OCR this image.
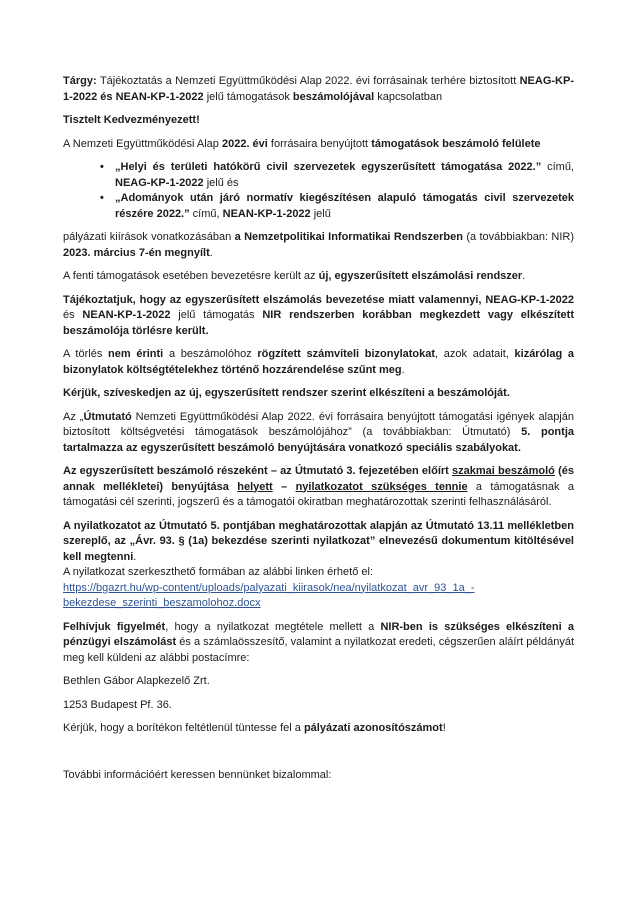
Tárgy: Tájékoztatás a Nemzeti Együttműködési Alap 2022. évi forrásainak terhére biztosított NEAG-KP-1-2022 és NEAN-KP-1-2022 jelű támogatások beszámolójával kapcsolatban
Tisztelt Kedvezményezett!
A Nemzeti Együttműködési Alap 2022. évi forrásaira benyújtott támogatások beszámoló felülete
• „Helyi és területi hatókörű civil szervezetek egyszerűsített támogatása 2022.” című, NEAG-KP-1-2022 jelű és
• „Adományok után járó normatív kiegészítésen alapuló támogatás civil szervezetek részére 2022.” című, NEAN-KP-1-2022 jelű
pályázati kiírások vonatkozásában a Nemzetpolitikai Informatikai Rendszerben (a továbbiakban: NIR) 2023. március 7-én megnyílt.
A fenti támogatások esetében bevezetésre került az új, egyszerűsített elszámolási rendszer.
Tájékoztatjuk, hogy az egyszerűsített elszámolás bevezetése miatt valamennyi, NEAG-KP-1-2022 és NEAN-KP-1-2022 jelű támogatás NIR rendszerben korábban megkezdett vagy elkészített beszámolója törlésre került.
A törlés nem érinti a beszámolóhoz rögzített számviteli bizonylatokat, azok adatait, kizárólag a bizonylatok költségtételekhez történő hozzárendelése szűnt meg.
Kérjük, szíveskedjen az új, egyszerűsített rendszer szerint elkészíteni a beszámolóját.
Az „Útmutató Nemzeti Együttműködési Alap 2022. évi forrásaira benyújtott támogatási igények alapján biztosított költségvetési támogatások beszámolójához” (a továbbiakban: Útmutató) 5. pontja tartalmazza az egyszerűsített beszámoló benyújtására vonatkozó speciális szabályokat.
Az egyszerűsített beszámoló részeként – az Útmutató 3. fejezetében előírt szakmai beszámoló (és annak mellékletei) benyújtása helyett – nyilatkozatot szükséges tennie a támogatásnak a támogatási cél szerinti, jogszerű és a támogatói okiratban meghatározottak szerinti felhasználásáról.
A nyilatkozatot az Útmutató 5. pontjában meghatározottak alapján az Útmutató 13.11 mellékletben szereplő, az „Ávr. 93. § (1a) bekezdése szerinti nyilatkozat” elnevezésű dokumentum kitöltésével kell megtenni.
A nyilatkozat szerkeszthető formában az alábbi linken érhető el:
https://bgazrt.hu/wp-content/uploads/palyazati_kiirasok/nea/nyilatkozat_avr_93_1a_-
bekezdese_szerinti_beszamolohoz.docx
Felhívjuk figyelmét, hogy a nyilatkozat megtétele mellett a NIR-ben is szükséges elkészíteni a pénzügyi elszámolást és a számlaösszesítő, valamint a nyilatkozat eredeti, cégszerűen aláírt példányát meg kell küldeni az alábbi postacímre:
Bethlen Gábor Alapkezelő Zrt.
1253 Budapest Pf. 36.
Kérjük, hogy a borítékon feltétlenül tüntesse fel a pályázati azonosítószámot!
További információért keressen bennünket bizalommal:
